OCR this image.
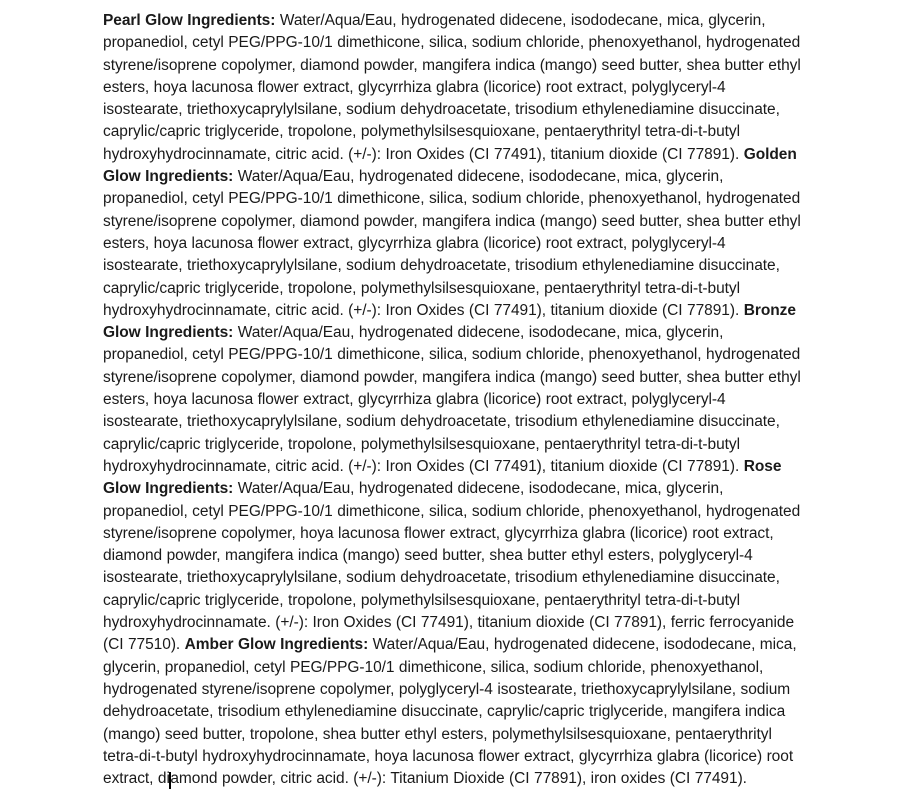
Pearl Glow Ingredients: Water/Aqua/Eau, hydrogenated didecene, isododecane, mica, glycerin, propanediol, cetyl PEG/PPG-10/1 dimethicone, silica, sodium chloride, phenoxyethanol, hydrogenated styrene/isoprene copolymer, diamond powder, mangifera indica (mango) seed butter, shea butter ethyl esters, hoya lacunosa flower extract, glycyrrhiza glabra (licorice) root extract, polyglyceryl-4 isostearate, triethoxycaprylylsilane, sodium dehydroacetate, trisodium ethylenediamine disuccinate, caprylic/capric triglyceride, tropolone, polymethylsilsesquioxane, pentaerythrityl tetra-di-t-butyl hydroxyhydrocinnamate, citric acid. (+/-): Iron Oxides (CI 77491), titanium dioxide (CI 77891). Golden Glow Ingredients: Water/Aqua/Eau, hydrogenated didecene, isododecane, mica, glycerin, propanediol, cetyl PEG/PPG-10/1 dimethicone, silica, sodium chloride, phenoxyethanol, hydrogenated styrene/isoprene copolymer, diamond powder, mangifera indica (mango) seed butter, shea butter ethyl esters, hoya lacunosa flower extract, glycyrrhiza glabra (licorice) root extract, polyglyceryl-4 isostearate, triethoxycaprylylsilane, sodium dehydroacetate, trisodium ethylenediamine disuccinate, caprylic/capric triglyceride, tropolone, polymethylsilsesquioxane, pentaerythrityl tetra-di-t-butyl hydroxyhydrocinnamate, citric acid. (+/-): Iron Oxides (CI 77491), titanium dioxide (CI 77891). Bronze Glow Ingredients: Water/Aqua/Eau, hydrogenated didecene, isododecane, mica, glycerin, propanediol, cetyl PEG/PPG-10/1 dimethicone, silica, sodium chloride, phenoxyethanol, hydrogenated styrene/isoprene copolymer, diamond powder, mangifera indica (mango) seed butter, shea butter ethyl esters, hoya lacunosa flower extract, glycyrrhiza glabra (licorice) root extract, polyglyceryl-4 isostearate, triethoxycaprylylsilane, sodium dehydroacetate, trisodium ethylenediamine disuccinate, caprylic/capric triglyceride, tropolone, polymethylsilsesquioxane, pentaerythrityl tetra-di-t-butyl hydroxyhydrocinnamate, citric acid. (+/-): Iron Oxides (CI 77491), titanium dioxide (CI 77891). Rose Glow Ingredients: Water/Aqua/Eau, hydrogenated didecene, isododecane, mica, glycerin, propanediol, cetyl PEG/PPG-10/1 dimethicone, silica, sodium chloride, phenoxyethanol, hydrogenated styrene/isoprene copolymer, hoya lacunosa flower extract, glycyrrhiza glabra (licorice) root extract, diamond powder, mangifera indica (mango) seed butter, shea butter ethyl esters, polyglyceryl-4 isostearate, triethoxycaprylylsilane, sodium dehydroacetate, trisodium ethylenediamine disuccinate, caprylic/capric triglyceride, tropolone, polymethylsilsesquioxane, pentaerythrityl tetra-di-t-butyl hydroxyhydrocinnamate. (+/-): Iron Oxides (CI 77491), titanium dioxide (CI 77891), ferric ferrocyanide (CI 77510). Amber Glow Ingredients: Water/Aqua/Eau, hydrogenated didecene, isododecane, mica, glycerin, propanediol, cetyl PEG/PPG-10/1 dimethicone, silica, sodium chloride, phenoxyethanol, hydrogenated styrene/isoprene copolymer, polyglyceryl-4 isostearate, triethoxycaprylylsilane, sodium dehydroacetate, trisodium ethylenediamine disuccinate, caprylic/capric triglyceride, mangifera indica (mango) seed butter, tropolone, shea butter ethyl esters, polymethylsilsesquioxane, pentaerythrityl tetra-di-t-butyl hydroxyhydrocinnamate, hoya lacunosa flower extract, glycyrrhiza glabra (licorice) root extract, diamond powder, citric acid. (+/-): Titanium Dioxide (CI 77891), iron oxides (CI 77491).
